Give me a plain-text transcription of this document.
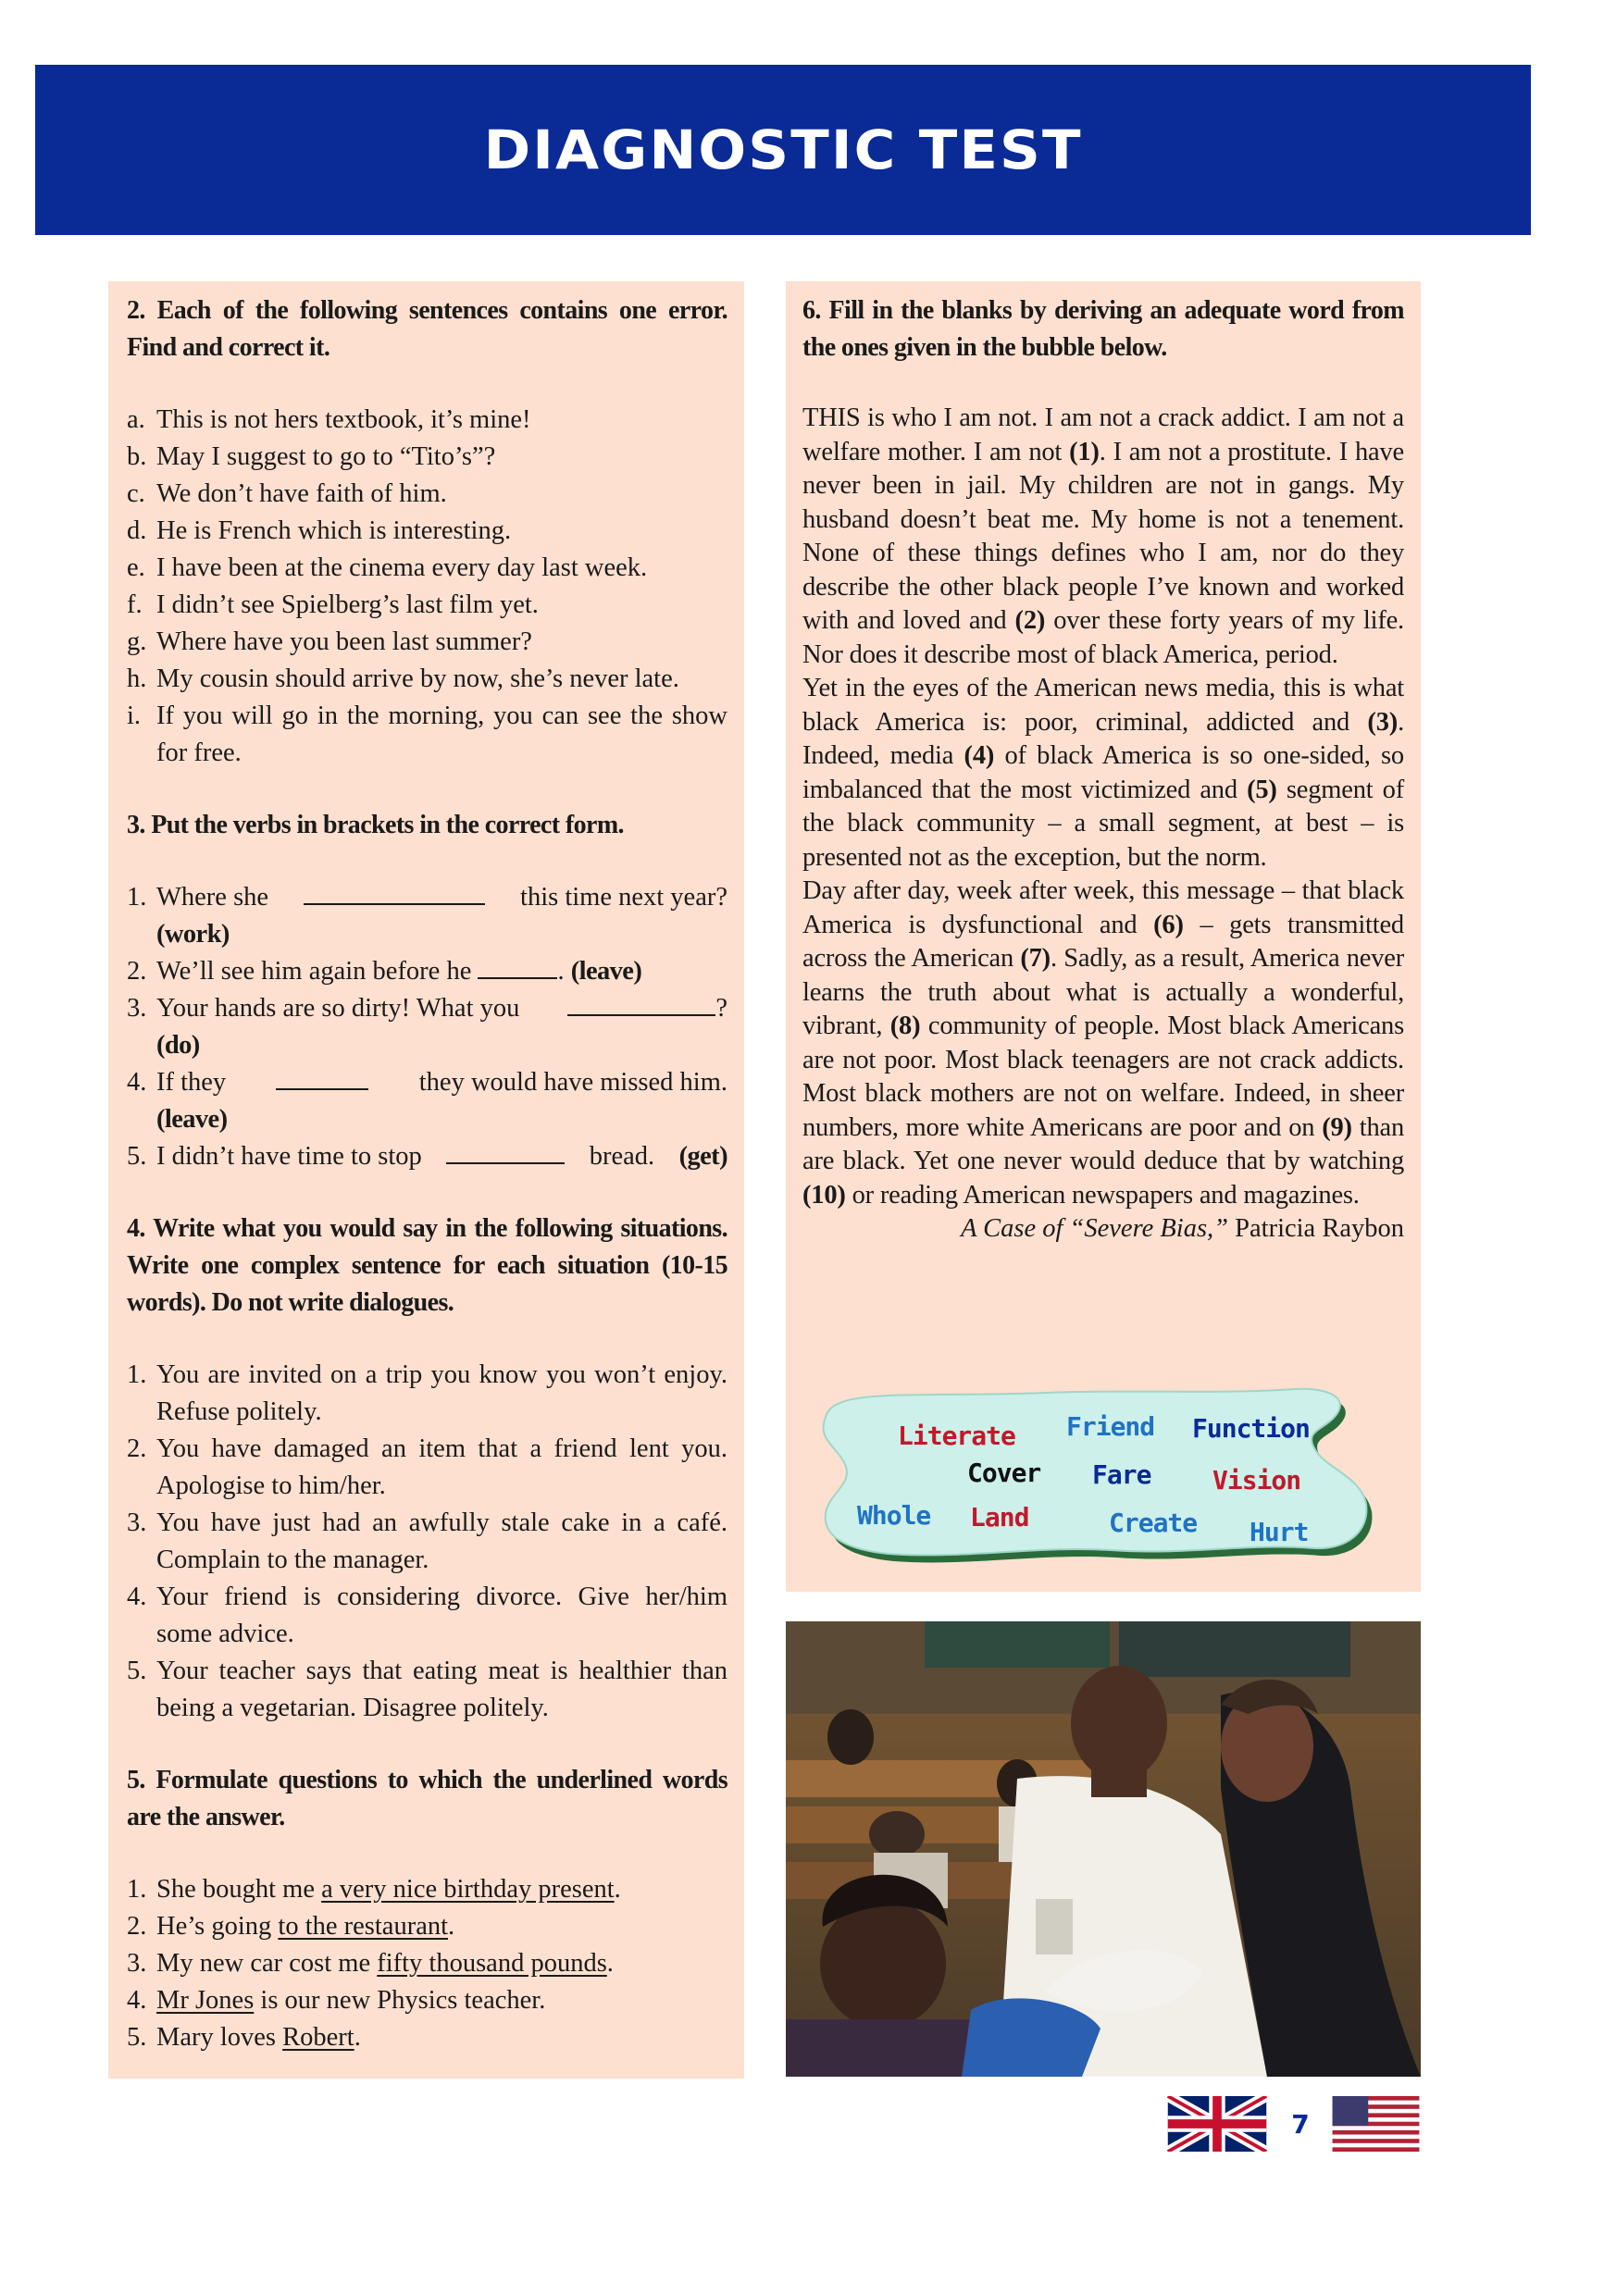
DIAGNOSTIC TEST
2. Each of the following sentences contains one error. Find and correct it.
a. This is not hers textbook, it’s mine!
b. May I suggest to go to “Tito’s”?
c. We don’t have faith of him.
d. He is French which is interesting.
e. I have been at the cinema every day last week.
f. I didn’t see Spielberg’s last film yet.
g. Where have you been last summer?
h. My cousin should arrive by now, she’s never late.
i. If you will go in the morning, you can see the show for free.
3. Put the verbs in brackets in the correct form.
1. Where she	this time next year?

(work)
2. We’ll see him again before he	. (leave)
3. Your hands are so dirty! What you	?

(do)
4. If they	they would have missed him.

(leave)
5. I didn’t have time to stop	bread. (get)
4. Write what you would say in the following situations. Write one complex sentence for each situation (10-15 words). Do not write dialogues.
1. You are invited on a trip you know you won’t enjoy. Refuse politely.
2. You have damaged an item that a friend lent you. Apologise to him/her.
3. You have just had an awfully stale cake in a café. Complain to the manager.
4. Your friend is considering divorce. Give her/him some advice.
5. Your teacher says that eating meat is healthier than being a vegetarian. Disagree politely.
5. Formulate questions to which the underlined words are the answer.
1. She bought me a very nice birthday present.
2. He’s going to the restaurant.
3. My new car cost me fifty thousand pounds.
4. Mr Jones is our new Physics teacher.
5. Mary loves Robert.
6. Fill in the blanks by deriving an adequate word from the ones given in the bubble below.

THIS is who I am not. I am not a crack addict. I am not a welfare mother. I am not (1). I am not a prostitute. I have never been in jail. My children are not in gangs. My husband doesn’t beat me. My home is not a tenement. None of these things defines who I am, nor do they describe the other black people I’ve known and worked with and loved and (2) over these forty years of my life. Nor does it describe most of black America, period.

Yet in the eyes of the American news media, this is what black America is: poor, criminal, addicted and (3). Indeed, media (4) of black America is so one-sided, so imbalanced that the most victimized and (5) segment of the black community – a small segment, at best – is presented not as the exception, but the norm.

Day after day, week after week, this message – that black America is dysfunctional and (6) – gets transmitted across the American (7). Sadly, as a result, America never learns the truth about what is actually a wonderful, vibrant, (8) community of people. Most black Americans are not poor. Most black teenagers are not crack addicts. Most black mothers are not on welfare. Indeed, in sheer numbers, more white Americans are poor and on (9) than are black. Yet one never would deduce that by watching (10) or reading American newspapers and magazines.

A Case of “Severe Bias,” Patricia Raybon
Literate Friend Function
Cover Fare Vision
Whole Land	Create Hurt
7
